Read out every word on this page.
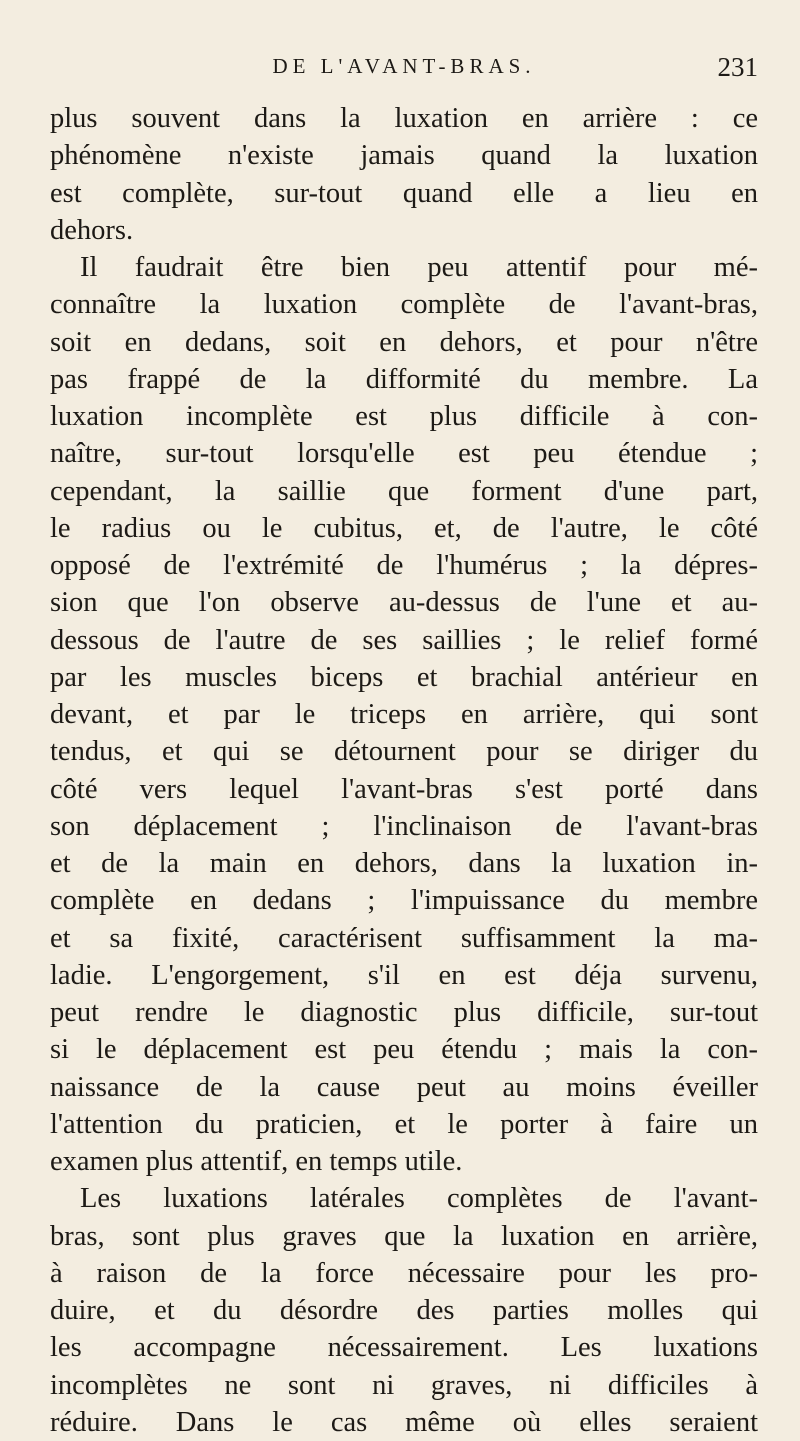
DE L'AVANT-BRAS.	231
plus souvent dans la luxation en arrière : ce
phénomène n'existe jamais quand la luxation
est complète, sur-tout quand elle a lieu en
dehors.
Il faudrait être bien peu attentif pour mé-
connaître la luxation complète de l'avant-bras,
soit en dedans, soit en dehors, et pour n'être
pas frappé de la difformité du membre. La
luxation incomplète est plus difficile à con-
naître, sur-tout lorsqu'elle est peu étendue ;
cependant, la saillie que forment d'une part,
le radius ou le cubitus, et, de l'autre, le côté
opposé de l'extrémité de l'humérus ; la dépres-
sion que l'on observe au-dessus de l'une et au-
dessous de l'autre de ses saillies ; le relief formé
par les muscles biceps et brachial antérieur en
devant, et par le triceps en arrière, qui sont
tendus, et qui se détournent pour se diriger du
côté vers lequel l'avant-bras s'est porté dans
son déplacement ; l'inclinaison de l'avant-bras
et de la main en dehors, dans la luxation in-
complète en dedans ; l'impuissance du membre
et sa fixité, caractérisent suffisamment la ma-
ladie. L'engorgement, s'il en est déja survenu,
peut rendre le diagnostic plus difficile, sur-tout
si le déplacement est peu étendu ; mais la con-
naissance de la cause peut au moins éveiller
l'attention du praticien, et le porter à faire un
examen plus attentif, en temps utile.
Les luxations latérales complètes de l'avant-
bras, sont plus graves que la luxation en arrière,
à raison de la force nécessaire pour les pro-
duire, et du désordre des parties molles qui
les accompagne nécessairement. Les luxations
incomplètes ne sont ni graves, ni difficiles à
réduire. Dans le cas même où elles seraient
